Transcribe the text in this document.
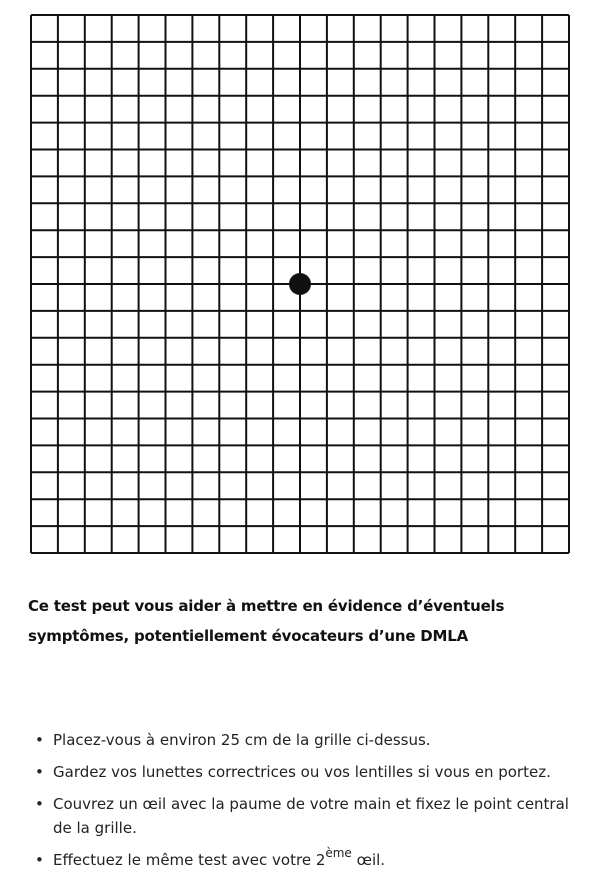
Ce test peut vous aider à mettre en évidence d’éventuels symptômes, potentiellement évocateurs d’une DMLA

• Placez-vous à environ 25 cm de la grille ci-dessus.
• Gardez vos lunettes correctrices ou vos lentilles si vous en portez.
• Couvrez un œil avec la paume de votre main et fixez le point central de la grille.
• Effectuez le même test avec votre 2ème œil.
